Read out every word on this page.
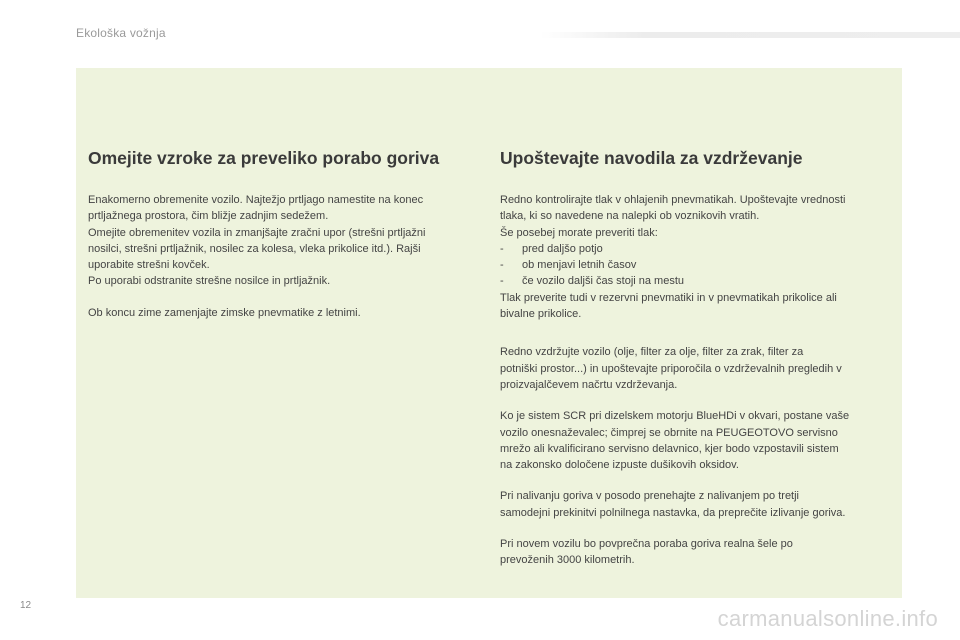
Ekološka vožnja
Omejite vzroke za preveliko porabo goriva

Enakomerno obremenite vozilo. Najtežjo prtljago namestite na konec
prtljažnega prostora, čim bližje zadnjim sedežem.
Omejite obremenitev vozila in zmanjšajte zračni upor (strešni prtljažni
nosilci, strešni prtljažnik, nosilec za kolesa, vleka prikolice itd.). Rajši
uporabite strešni kovček.
Po uporabi odstranite strešne nosilce in prtljažnik.

Ob koncu zime zamenjajte zimske pnevmatike z letnimi.

Upoštevajte navodila za vzdrževanje

Redno kontrolirajte tlak v ohlajenih pnevmatikah. Upoštevajte vrednosti
tlaka, ki so navedene na nalepki ob voznikovih vratih.
Še posebej morate preveriti tlak:
- pred daljšo potjo
- ob menjavi letnih časov
- če vozilo daljši čas stoji na mestu
Tlak preverite tudi v rezervni pnevmatiki in v pnevmatikah prikolice ali
bivalne prikolice.

Redno vzdržujte vozilo (olje, filter za olje, filter za zrak, filter za
potniški prostor...) in upoštevajte priporočila o vzdrževalnih pregledih v
proizvajalčevem načrtu vzdrževanja.

Ko je sistem SCR pri dizelskem motorju BlueHDi v okvari, postane vaše
vozilo onesnaževalec; čimprej se obrnite na PEUGEOTOVO servisno
mrežo ali kvalificirano servisno delavnico, kjer bodo vzpostavili sistem
na zakonsko določene izpuste dušikovih oksidov.

Pri nalivanju goriva v posodo prenehajte z nalivanjem po tretji
samodejni prekinitvi polnilnega nastavka, da preprečite izlivanje goriva.

Pri novem vozilu bo povprečna poraba goriva realna šele po
prevoženih 3000 kilometrih.

12
carmanualsonline.info
